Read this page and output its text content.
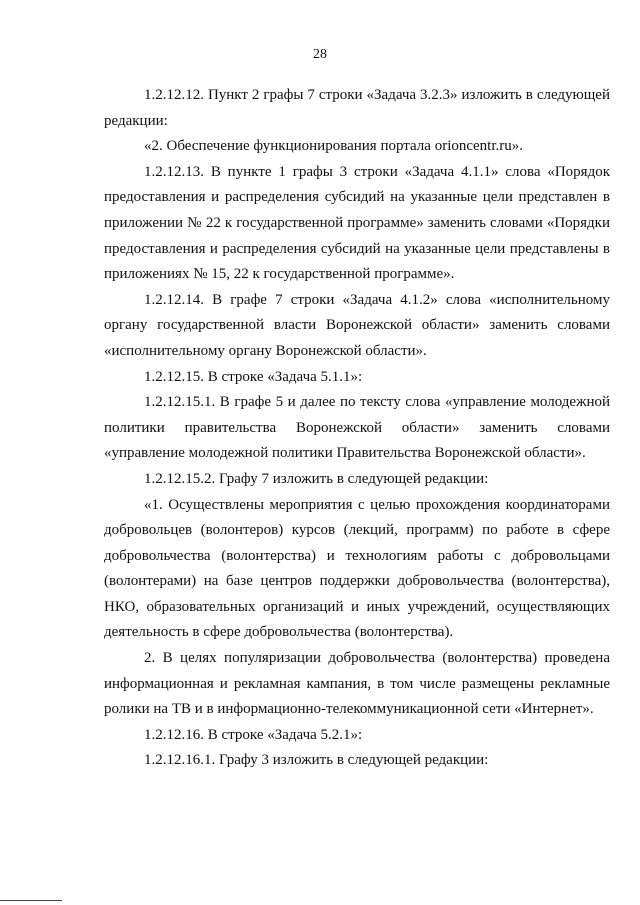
28

1.2.12.12. Пункт 2 графы 7 строки «Задача 3.2.3» изложить в следующей редакции:

«2. Обеспечение функционирования портала orioncentr.ru».

1.2.12.13. В пункте 1 графы 3 строки «Задача 4.1.1» слова «Порядок предоставления и распределения субсидий на указанные цели представлен в приложении № 22 к государственной программе» заменить словами «Порядки предоставления и распределения субсидий на указанные цели представлены в приложениях № 15, 22 к государственной программе».

1.2.12.14. В графе 7 строки «Задача 4.1.2» слова «исполнительному органу государственной власти Воронежской области» заменить словами «исполнительному органу Воронежской области».

1.2.12.15. В строке «Задача 5.1.1»:

1.2.12.15.1. В графе 5 и далее по тексту слова «управление молодежной политики правительства Воронежской области» заменить словами «управление молодежной политики Правительства Воронежской области».

1.2.12.15.2. Графу 7 изложить в следующей редакции:

«1. Осуществлены мероприятия с целью прохождения координаторами добровольцев (волонтеров) курсов (лекций, программ) по работе в сфере добровольчества (волонтерства) и технологиям работы с добровольцами (волонтерами) на базе центров поддержки добровольчества (волонтерства), НКО, образовательных организаций и иных учреждений, осуществляющих деятельность в сфере добровольчества (волонтерства).

2. В целях популяризации добровольчества (волонтерства) проведена информационная и рекламная кампания, в том числе размещены рекламные ролики на ТВ и в информационно-телекоммуникационной сети «Интернет».

1.2.12.16. В строке «Задача 5.2.1»:

1.2.12.16.1. Графу 3 изложить в следующей редакции:
